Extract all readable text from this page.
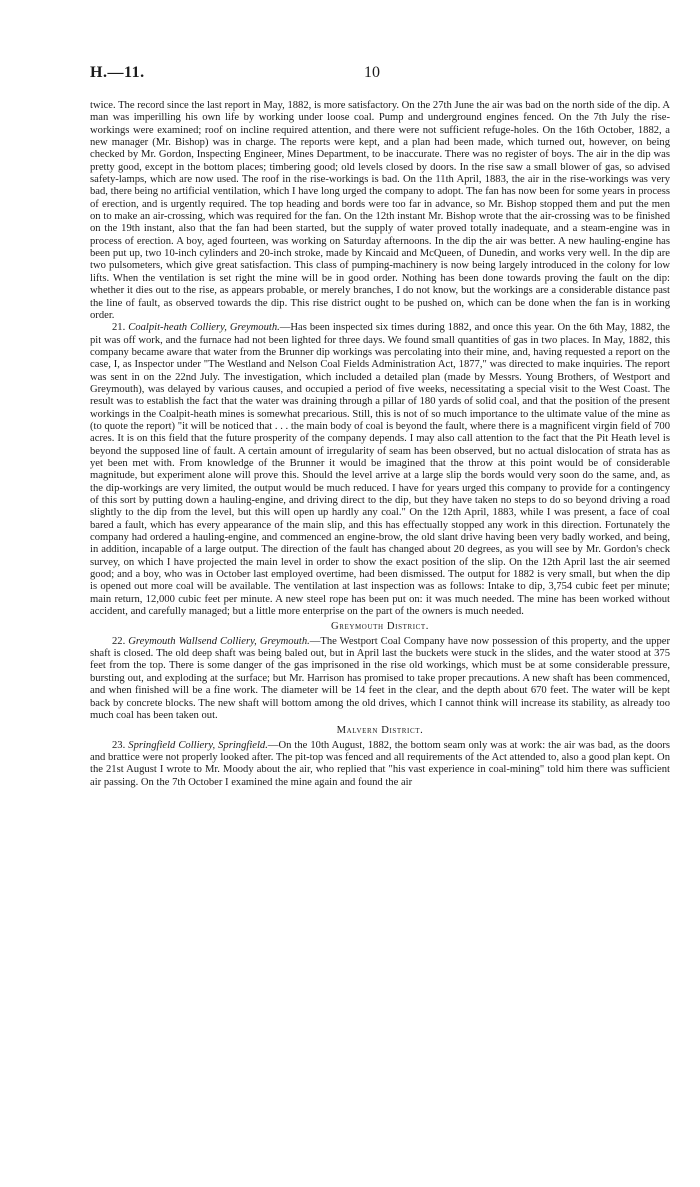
H.—11.	10

twice. The record since the last report in May, 1882, is more satisfactory. On the 27th June the air was bad on the north side of the dip. A man was imperilling his own life by working under loose coal. Pump and underground engines fenced. On the 7th July the rise-workings were examined; roof on incline required attention, and there were not sufficient refuge-holes. On the 16th October, 1882, a new manager (Mr. Bishop) was in charge. The reports were kept, and a plan had been made, which turned out, however, on being checked by Mr. Gordon, Inspecting Engineer, Mines Department, to be inaccurate. There was no register of boys. The air in the dip was pretty good, except in the bottom places; timbering good; old levels closed by doors. In the rise saw a small blower of gas, so advised safety-lamps, which are now used. The roof in the rise-workings is bad. On the 11th April, 1883, the air in the rise-workings was very bad, there being no artificial ventilation, which I have long urged the company to adopt. The fan has now been for some years in process of erection, and is urgently required. The top heading and bords were too far in advance, so Mr. Bishop stopped them and put the men on to make an air-crossing, which was required for the fan. On the 12th instant Mr. Bishop wrote that the air-crossing was to be finished on the 19th instant, also that the fan had been started, but the supply of water proved totally inadequate, and a steam-engine was in process of erection. A boy, aged fourteen, was working on Saturday afternoons. In the dip the air was better. A new hauling-engine has been put up, two 10-inch cylinders and 20-inch stroke, made by Kincaid and McQueen, of Dunedin, and works very well. In the dip are two pulsometers, which give great satisfaction. This class of pumping-machinery is now being largely introduced in the colony for low lifts. When the ventilation is set right the mine will be in good order. Nothing has been done towards proving the fault on the dip: whether it dies out to the rise, as appears probable, or merely branches, I do not know, but the workings are a considerable distance past the line of fault, as observed towards the dip. This rise district ought to be pushed on, which can be done when the fan is in working order.

21. Coalpit-heath Colliery, Greymouth.—Has been inspected six times during 1882, and once this year. On the 6th May, 1882, the pit was off work, and the furnace had not been lighted for three days. We found small quantities of gas in two places. In May, 1882, this company became aware that water from the Brunner dip workings was percolating into their mine, and, having requested a report on the case, I, as Inspector under "The Westland and Nelson Coal Fields Administration Act, 1877," was directed to make inquiries. The report was sent in on the 22nd July. The investigation, which included a detailed plan (made by Messrs. Young Brothers, of Westport and Greymouth), was delayed by various causes, and occupied a period of five weeks, necessitating a special visit to the West Coast. The result was to establish the fact that the water was draining through a pillar of 180 yards of solid coal, and that the position of the present workings in the Coalpit-heath mines is somewhat precarious. Still, this is not of so much importance to the ultimate value of the mine as (to quote the report) "it will be noticed that . . . the main body of coal is beyond the fault, where there is a magnificent virgin field of 700 acres. It is on this field that the future prosperity of the company depends. I may also call attention to the fact that the Pit Heath level is beyond the supposed line of fault. A certain amount of irregularity of seam has been observed, but no actual dislocation of strata has as yet been met with. From knowledge of the Brunner it would be imagined that the throw at this point would be of considerable magnitude, but experiment alone will prove this. Should the level arrive at a large slip the bords would very soon do the same, and, as the dip-workings are very limited, the output would be much reduced. I have for years urged this company to provide for a contingency of this sort by putting down a hauling-engine, and driving direct to the dip, but they have taken no steps to do so beyond driving a road slightly to the dip from the level, but this will open up hardly any coal." On the 12th April, 1883, while I was present, a face of coal bared a fault, which has every appearance of the main slip, and this has effectually stopped any work in this direction. Fortunately the company had ordered a hauling-engine, and commenced an engine-brow, the old slant drive having been very badly worked, and being, in addition, incapable of a large output. The direction of the fault has changed about 20 degrees, as you will see by Mr. Gordon's check survey, on which I have projected the main level in order to show the exact position of the slip. On the 12th April last the air seemed good; and a boy, who was in October last employed overtime, had been dismissed. The output for 1882 is very small, but when the dip is opened out more coal will be available. The ventilation at last inspection was as follows: Intake to dip, 3,754 cubic feet per minute; main return, 12,000 cubic feet per minute. A new steel rope has been put on: it was much needed. The mine has been worked without accident, and carefully managed; but a little more enterprise on the part of the owners is much needed.

Greymouth District.

22. Greymouth Wallsend Colliery, Greymouth.—The Westport Coal Company have now possession of this property, and the upper shaft is closed. The old deep shaft was being baled out, but in April last the buckets were stuck in the slides, and the water stood at 375 feet from the top. There is some danger of the gas imprisoned in the rise old workings, which must be at some considerable pressure, bursting out, and exploding at the surface; but Mr. Harrison has promised to take proper precautions. A new shaft has been commenced, and when finished will be a fine work. The diameter will be 14 feet in the clear, and the depth about 670 feet. The water will be kept back by concrete blocks. The new shaft will bottom among the old drives, which I cannot think will increase its stability, as already too much coal has been taken out.

Malvern District.

23. Springfield Colliery, Springfield.—On the 10th August, 1882, the bottom seam only was at work: the air was bad, as the doors and brattice were not properly looked after. The pit-top was fenced and all requirements of the Act attended to, also a good plan kept. On the 21st August I wrote to Mr. Moody about the air, who replied that "his vast experience in coal-mining" told him there was sufficient air passing. On the 7th October I examined the mine again and found the air
